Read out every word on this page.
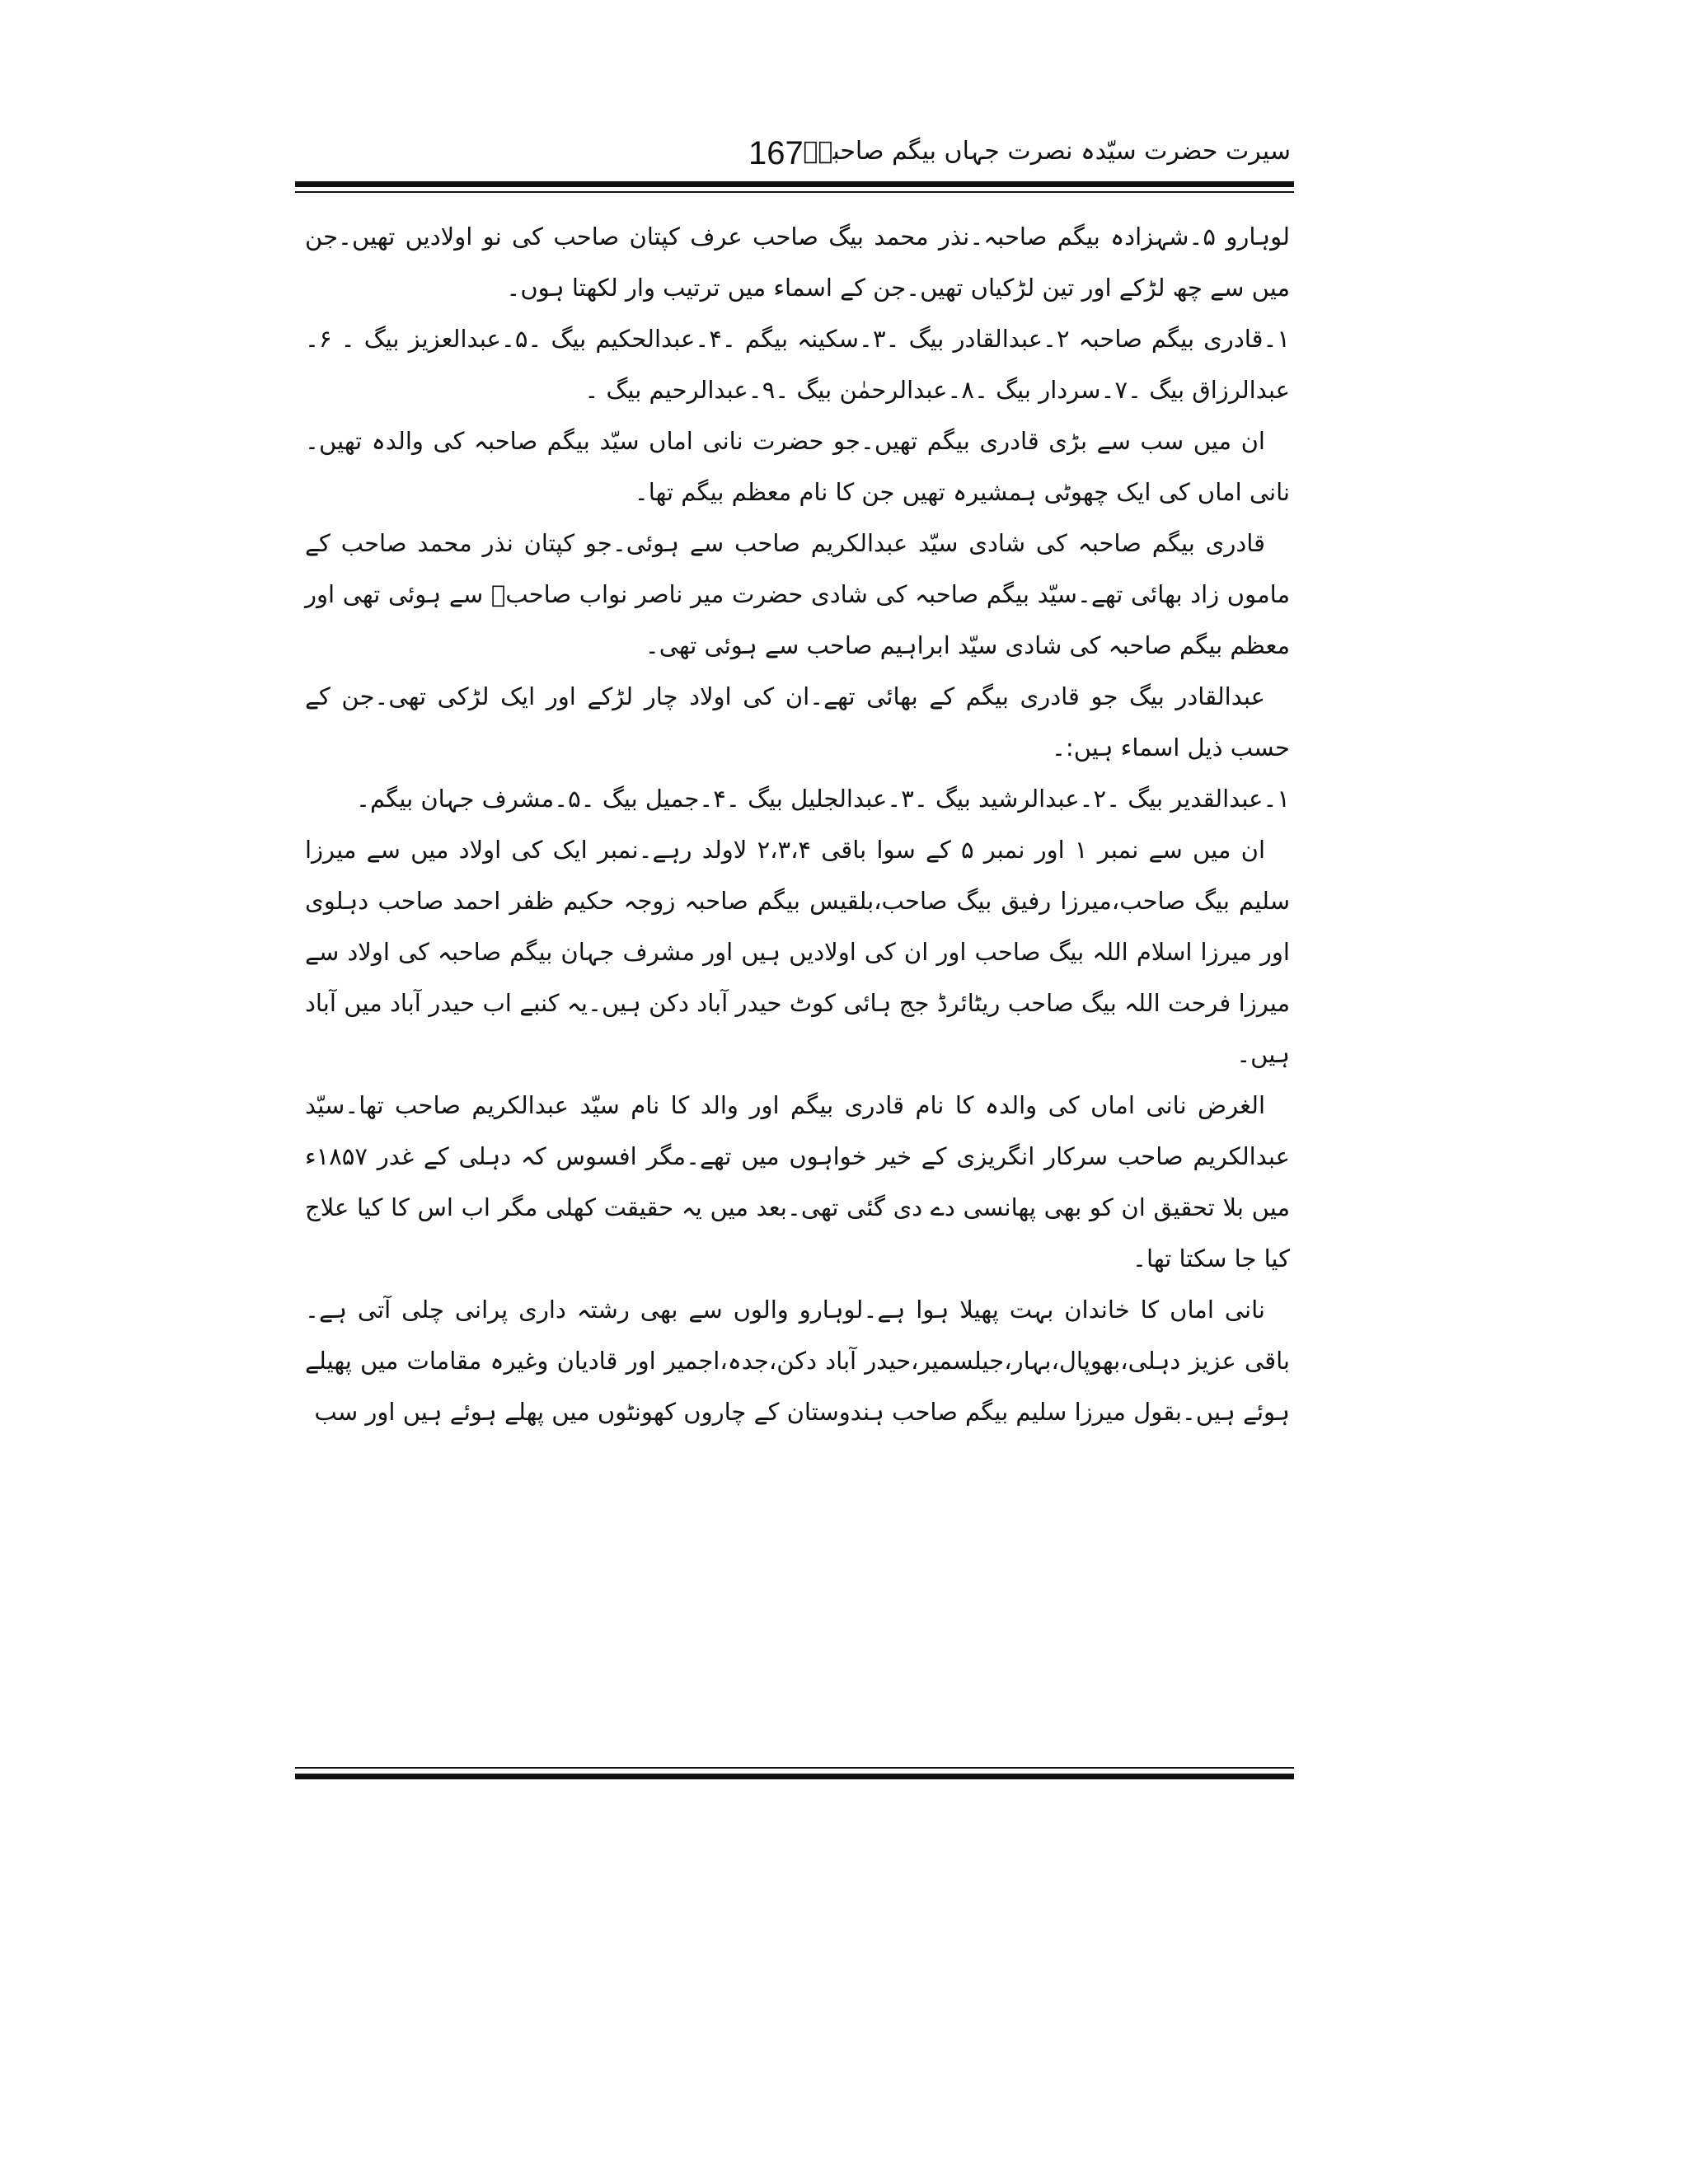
167 سیرت حضرت سیّدہ نصرت جہاں بیگم صاحبہؓ

لوہارو ۵۔شہزادہ بیگم صاحبہ۔نذر محمد بیگ صاحب عرف کپتان صاحب کی نو اولادیں تھیں۔جن میں سے چھ لڑکے اور تین لڑکیاں تھیں۔جن کے اسماء میں ترتیب وار لکھتا ہوں۔

۱۔قادری بیگم صاحبہ ۲۔عبدالقادر بیگ ۔۳۔سکینہ بیگم ۔۴۔عبدالحکیم بیگ ۔۵۔عبدالعزیز بیگ ۔ ۶۔عبدالرزاق بیگ ۔۷۔سردار بیگ ۔۸۔عبدالرحمٰن بیگ ۔۹۔عبدالرحیم بیگ ۔

ان میں سب سے بڑی قادری بیگم تھیں۔جو حضرت نانی اماں سیّد بیگم صاحبہ کی والدہ تھیں۔نانی اماں کی ایک چھوٹی ہمشیرہ تھیں جن کا نام معظم بیگم تھا۔

قادری بیگم صاحبہ کی شادی سیّد عبدالکریم صاحب سے ہوئی۔جو کپتان نذر محمد صاحب کے ماموں زاد بھائی تھے۔سیّد بیگم صاحبہ کی شادی حضرت میر ناصر نواب صاحبؓ سے ہوئی تھی اور معظم بیگم صاحبہ کی شادی سیّد ابراہیم صاحب سے ہوئی تھی۔

عبدالقادر بیگ جو قادری بیگم کے بھائی تھے۔ان کی اولاد چار لڑکے اور ایک لڑکی تھی۔جن کے حسب ذیل اسماء ہیں:۔

۱۔عبدالقدیر بیگ ۔۲۔عبدالرشید بیگ ۔۳۔عبدالجلیل بیگ ۔۴۔جمیل بیگ ۔۵۔مشرف جہان بیگم۔

ان میں سے نمبر ۱ اور نمبر ۵ کے سوا باقی ۲،۳،۴ لاولد رہے۔نمبر ایک کی اولاد میں سے میرزا سلیم بیگ صاحب،میرزا رفیق بیگ صاحب،بلقیس بیگم صاحبہ زوجہ حکیم ظفر احمد صاحب دہلوی اور میرزا اسلام اللہ بیگ صاحب اور ان کی اولادیں ہیں اور مشرف جہان بیگم صاحبہ کی اولاد سے میرزا فرحت اللہ بیگ صاحب ریٹائرڈ جج ہائی کوٹ حیدر آباد دکن ہیں۔یہ کنبے اب حیدر آباد میں آباد ہیں۔

الغرض نانی اماں کی والدہ کا نام قادری بیگم اور والد کا نام سیّد عبدالکریم صاحب تھا۔سیّد عبدالکریم صاحب سرکار انگریزی کے خیر خواہوں میں تھے۔مگر افسوس کہ دہلی کے غدر ۱۸۵۷ء میں بلا تحقیق ان کو بھی پھانسی دے دی گئی تھی۔بعد میں یہ حقیقت کھلی مگر اب اس کا کیا علاج کیا جا سکتا تھا۔

نانی اماں کا خاندان بہت پھیلا ہوا ہے۔لوہارو والوں سے بھی رشتہ داری پرانی چلی آتی ہے۔ باقی عزیز دہلی،بھوپال،بہار،جیلسمیر،حیدر آباد دکن،جدہ،اجمیر اور قادیان وغیرہ مقامات میں پھیلے ہوئے ہیں۔بقول میرزا سلیم بیگم صاحب ہندوستان کے چاروں کھونٹوں میں پھلے ہوئے ہیں اور سب
